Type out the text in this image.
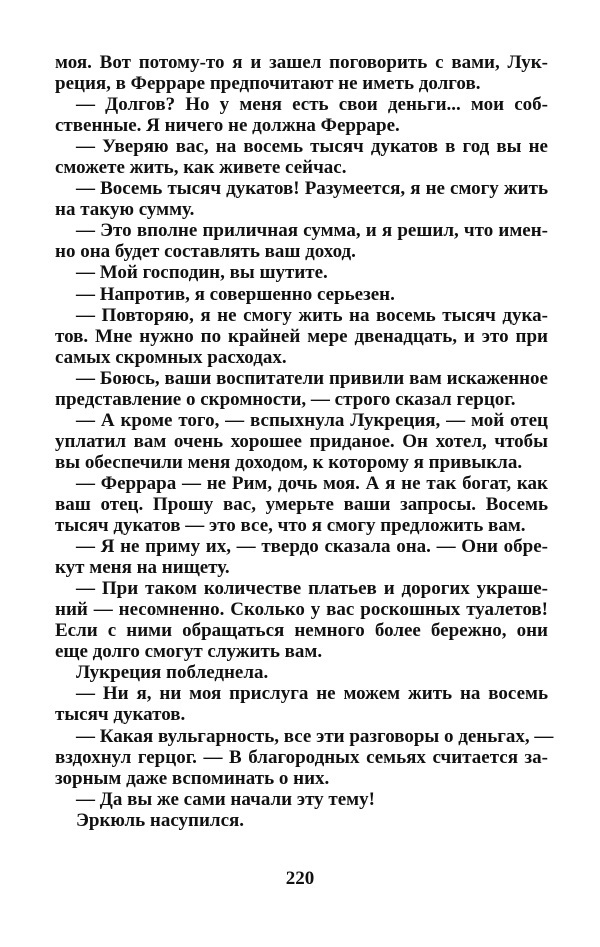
моя. Вот потому-то я и зашел поговорить с вами, Лук-
реция, в Ферраре предпочитают не иметь долгов.
— Долгов? Но у меня есть свои деньги... мои соб-
ственные. Я ничего не должна Ферраре.
— Уверяю вас, на восемь тысяч дукатов в год вы не
сможете жить, как живете сейчас.
— Восемь тысяч дукатов! Разумеется, я не смогу жить
на такую сумму.
— Это вполне приличная сумма, и я решил, что имен-
но она будет составлять ваш доход.
— Мой господин, вы шутите.
— Напротив, я совершенно серьезен.
— Повторяю, я не смогу жить на восемь тысяч дука-
тов. Мне нужно по крайней мере двенадцать, и это при
самых скромных расходах.
— Боюсь, ваши воспитатели привили вам искаженное
представление о скромности, — строго сказал герцог.
— А кроме того, — вспыхнула Лукреция, — мой отец
уплатил вам очень хорошее приданое. Он хотел, чтобы
вы обеспечили меня доходом, к которому я привыкла.
— Феррара — не Рим, дочь моя. А я не так богат, как
ваш отец. Прошу вас, умерьте ваши запросы. Восемь
тысяч дукатов — это все, что я смогу предложить вам.
— Я не приму их, — твердо сказала она. — Они обре-
кут меня на нищету.
— При таком количестве платьев и дорогих украше-
ний — несомненно. Сколько у вас роскошных туалетов!
Если с ними обращаться немного более бережно, они
еще долго смогут служить вам.
Лукреция побледнела.
— Ни я, ни моя прислуга не можем жить на восемь
тысяч дукатов.
— Какая вульгарность, все эти разговоры о деньгах, —
вздохнул герцог. — В благородных семьях считается за-
зорным даже вспоминать о них.
— Да вы же сами начали эту тему!
Эркюль насупился.
220
